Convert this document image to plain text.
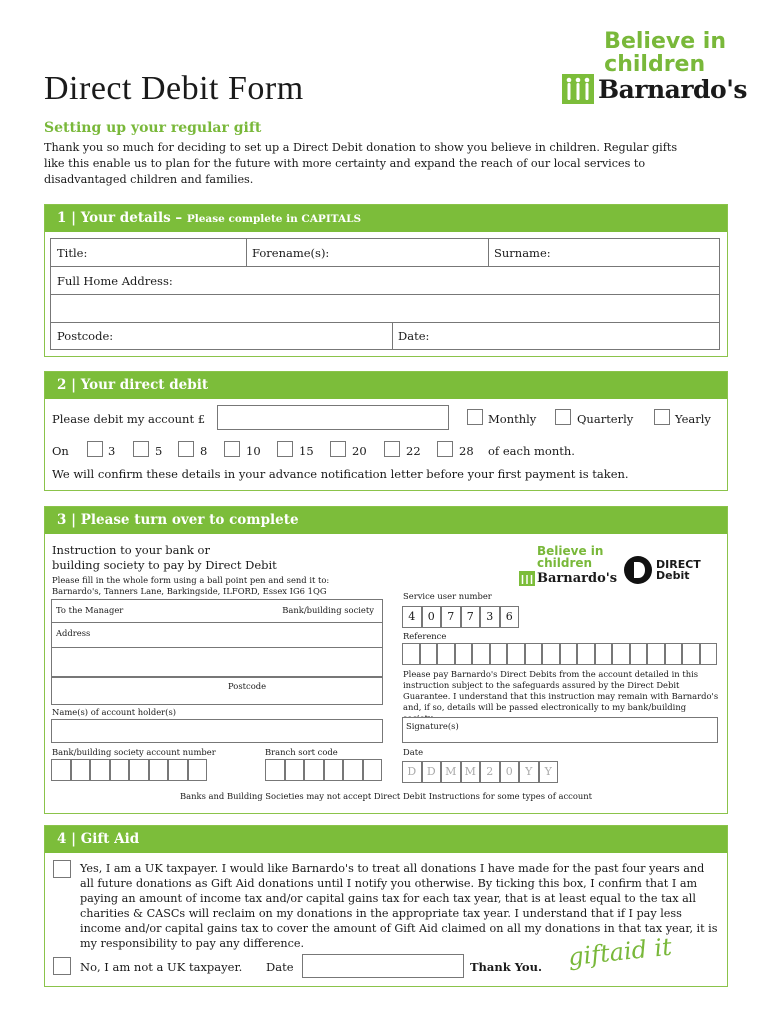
Direct Debit Form
Believe in
children
Barnardo's
Setting up your regular gift
Thank you so much for deciding to set up a Direct Debit donation to show you believe in children. Regular gifts like this enable us to plan for the future with more certainty and expand the reach of our local services to disadvantaged children and families.
1 | Your details – Please complete in CAPITALS
Title:	Forename(s):	Surname:
Full Home Address:
Postcode:	Date:
2 | Your direct debit
Please debit my account £	Monthly	Quarterly	Yearly
On	3	5	8	10	15	20	22	28 of each month.
We will confirm these details in your advance notification letter before your first payment is taken.
3 | Please turn over to complete
Instruction to your bank or
building society to pay by Direct Debit
Please fill in the whole form using a ball point pen and send it to:
Barnardo's, Tanners Lane, Barkingside, ILFORD, Essex IG6 1QG
Believe in
children
Barnardo's
DIRECT
Debit
To the Manager	Bank/building society
Address
Postcode
Name(s) of account holder(s)
Bank/building society account number	Branch sort code
Service user number
Reference
Please pay Barnardo's Direct Debits from the account detailed in this instruction subject to the safeguards assured by the Direct Debit Guarantee. I understand that this instruction may remain with Barnardo's and, if so, details will be passed electronically to my bank/building
Signature(s)
Date
Banks and Building Societies may not accept Direct Debit Instructions for some types of account
4	0	7	7	3	6
D D M M 2	0	Y	Y
4 | Gift Aid
Yes, I am a UK taxpayer. I would like Barnardo's to treat all donations I have made for the past four years and all future donations as Gift Aid donations until I notify you otherwise. By ticking this box, I confirm that I am paying an amount of income tax and/or capital gains tax for each tax year, that is at least equal to the tax all charities & CASCs will reclaim on my donations in the appropriate tax year. I understand that if I pay less income and/or capital gains tax to cover the amount of Gift Aid claimed on all my donations in that tax year, it is my responsibility to pay any difference.
No, I am not a UK taxpayer. Date	Thank You. giftaid it
